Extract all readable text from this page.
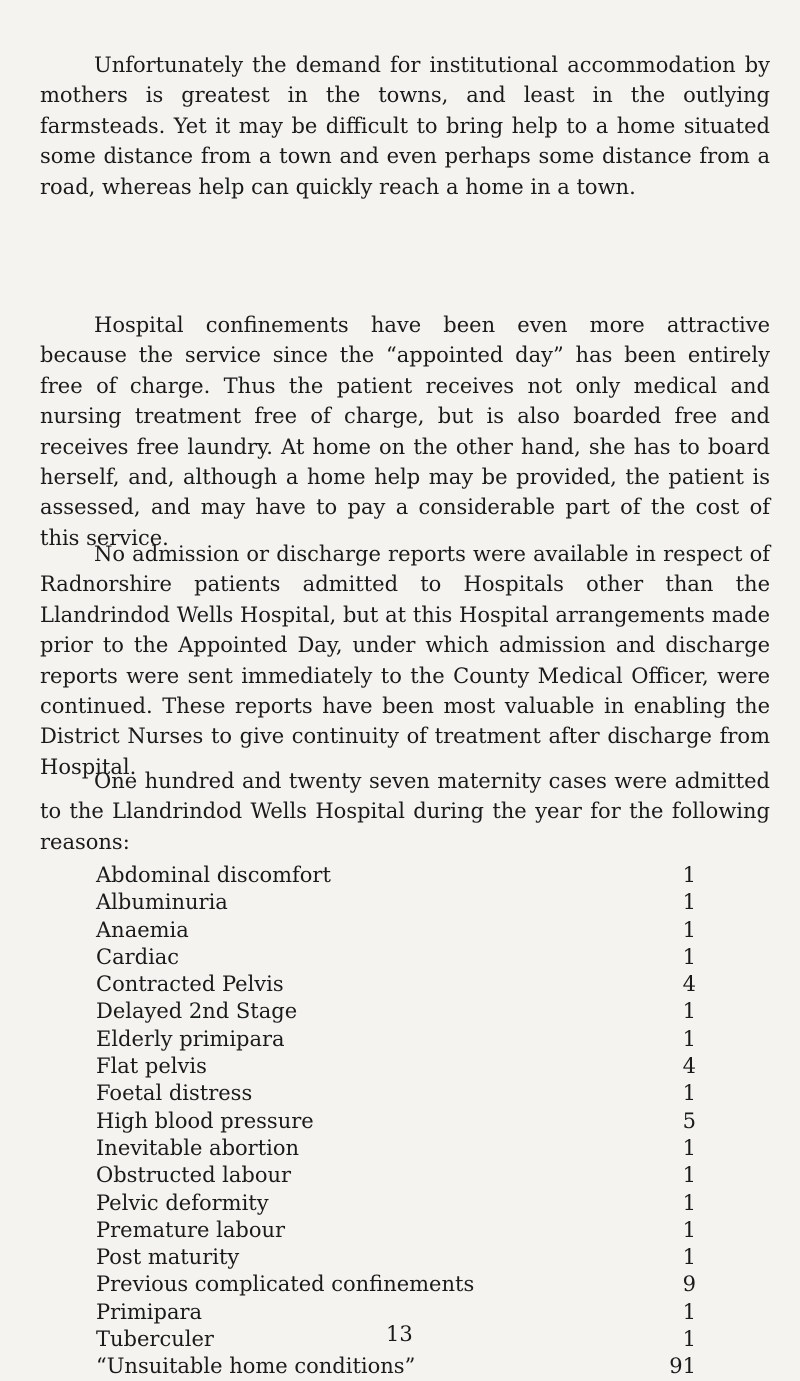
Unfortunately the demand for institutional accommodation by mothers is greatest in the towns, and least in the outlying farmsteads. Yet it may be difficult to bring help to a home situated some distance from a town and even perhaps some distance from a road, whereas help can quickly reach a home in a town.

Hospital confinements have been even more attractive because the service since the “appointed day” has been entirely free of charge. Thus the patient receives not only medical and nursing treatment free of charge, but is also boarded free and receives free laundry. At home on the other hand, she has to board herself, and, although a home help may be provided, the patient is assessed, and may have to pay a considerable part of the cost of this service.

No admission or discharge reports were available in respect of Radnorshire patients admitted to Hospitals other than the Llandrindod Wells Hospital, but at this Hospital arrangements made prior to the Appointed Day, under which admission and discharge reports were sent immediately to the County Medical Officer, were continued. These reports have been most valuable in enabling the District Nurses to give continuity of treatment after discharge from Hospital.

One hundred and twenty seven maternity cases were admitted to the Llandrindod Wells Hospital during the year for the following reasons:

Abdominal discomfort	1
Albuminuria	1
Anaemia	1
Cardiac	1
Contracted Pelvis	4
Delayed 2nd Stage	1
Elderly primipara	1
Flat pelvis	4
Foetal distress	1
High blood pressure	5
Inevitable abortion	1
Obstructed labour	1
Pelvic deformity	1
Premature labour	1
Post maturity	1
Previous complicated confinements	9
Primipara	1
Tuberculer	1
“Unsuitable home conditions”	91
13
